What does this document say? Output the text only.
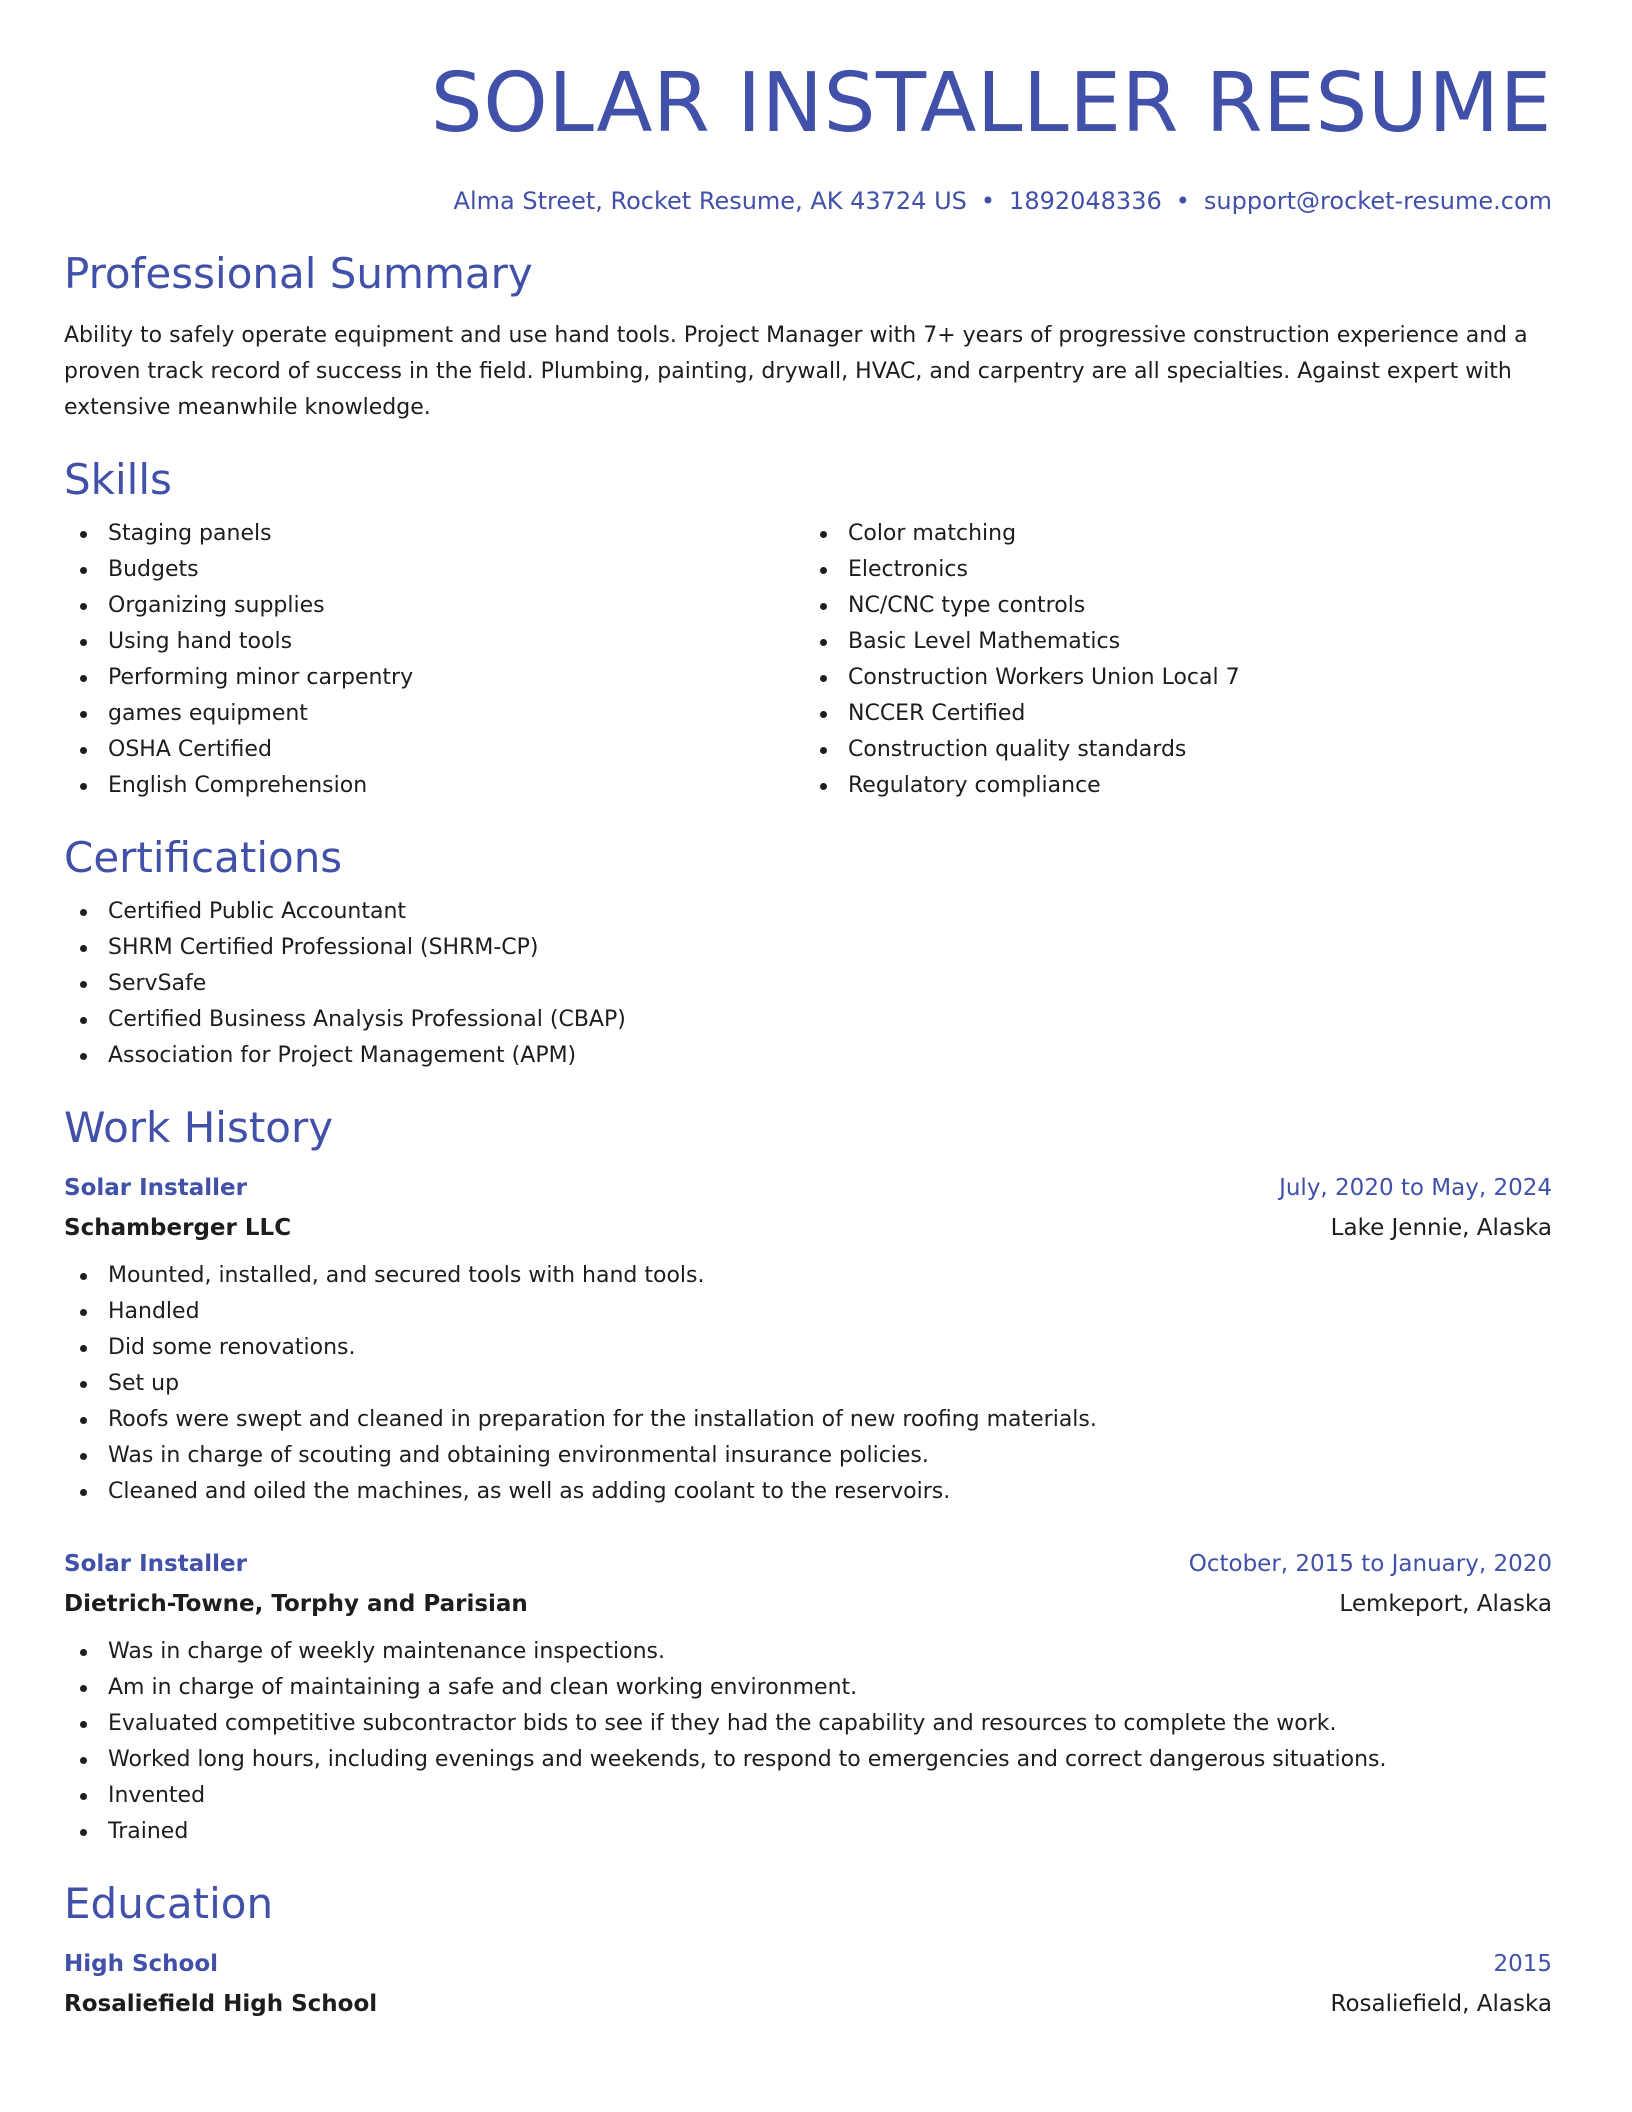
SOLAR INSTALLER RESUME
Alma Street, Rocket Resume, AK 43724 US • 1892048336 • support@rocket-resume.com
Professional Summary

Ability to safely operate equipment and use hand tools. Project Manager with 7+ years of progressive construction experience and a proven track record of success in the field. Plumbing, painting, drywall, HVAC, and carpentry are all specialties. Against expert with extensive meanwhile knowledge.

Skills
Staging panels
Budgets
Organizing supplies
Using hand tools
Performing minor carpentry
games equipment
OSHA Certified
English Comprehension
Color matching
Electronics
NC/CNC type controls
Basic Level Mathematics
Construction Workers Union Local 7
NCCER Certified
Construction quality standards
Regulatory compliance
Certifications
Certified Public Accountant
SHRM Certified Professional (SHRM-CP)
ServSafe
Certified Business Analysis Professional (CBAP)
Association for Project Management (APM)
Work History
Solar Installer	July, 2020 to May, 2024
Schamberger LLC	Lake Jennie, Alaska
Mounted, installed, and secured tools with hand tools.
Handled
Did some renovations.
Set up
Roofs were swept and cleaned in preparation for the installation of new roofing materials.
Was in charge of scouting and obtaining environmental insurance policies.
Cleaned and oiled the machines, as well as adding coolant to the reservoirs.
Solar Installer	October, 2015 to January, 2020
Dietrich-Towne, Torphy and Parisian	Lemkeport, Alaska
Was in charge of weekly maintenance inspections.
Am in charge of maintaining a safe and clean working environment.
Evaluated competitive subcontractor bids to see if they had the capability and resources to complete the work.
Worked long hours, including evenings and weekends, to respond to emergencies and correct dangerous situations.
Invented
Trained
Education
High School	2015
Rosaliefield High School	Rosaliefield, Alaska
